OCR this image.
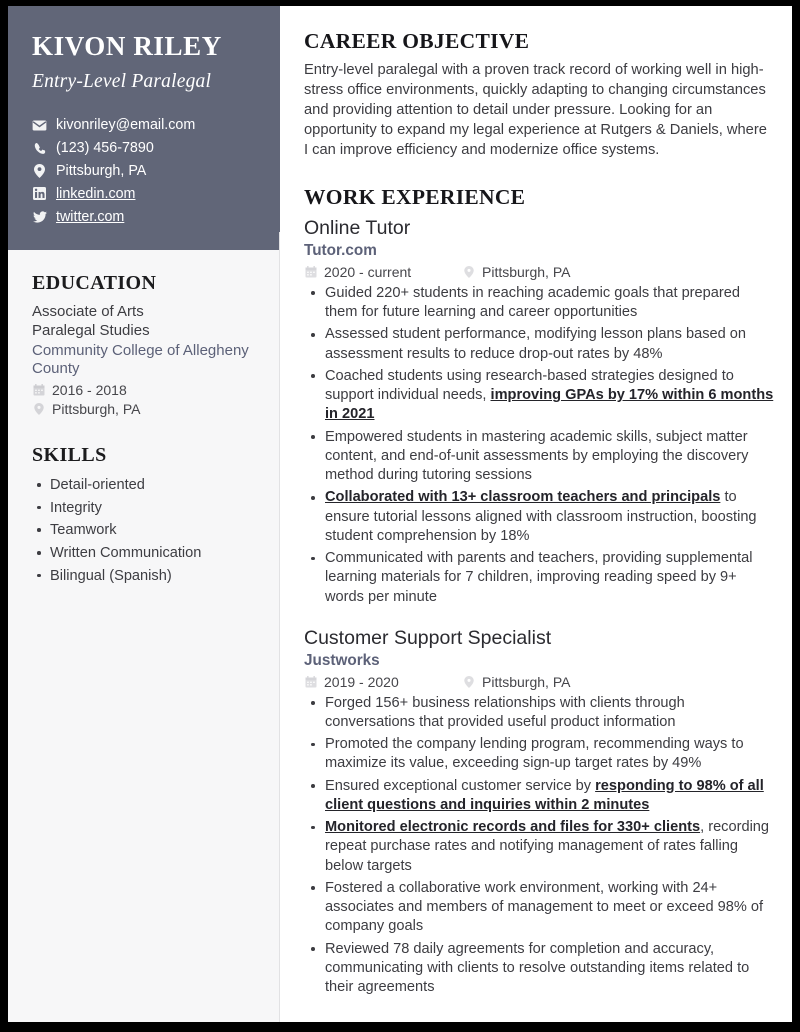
KIVON RILEY
Entry-Level Paralegal
kivonriley@email.com
(123) 456-7890
Pittsburgh, PA
linkedin.com
twitter.com
EDUCATION
Associate of Arts
Paralegal Studies
Community College of Allegheny County
2016 - 2018
Pittsburgh, PA
SKILLS
Detail-oriented
Integrity
Teamwork
Written Communication
Bilingual (Spanish)
CAREER OBJECTIVE

Entry-level paralegal with a proven track record of working well in high-stress office environments, quickly adapting to changing circumstances and providing attention to detail under pressure. Looking for an opportunity to expand my legal experience at Rutgers & Daniels, where I can improve efficiency and modernize office systems.

WORK EXPERIENCE
Online Tutor
Tutor.com
2020 - current	Pittsburgh, PA
Guided 220+ students in reaching academic goals that prepared them for future learning and career opportunities
Assessed student performance, modifying lesson plans based on assessment results to reduce drop-out rates by 48%
Coached students using research-based strategies designed to support individual needs, improving GPAs by 17% within 6 months in 2021
Empowered students in mastering academic skills, subject matter content, and end-of-unit assessments by employing the discovery method during tutoring sessions
Collaborated with 13+ classroom teachers and principals to ensure tutorial lessons aligned with classroom instruction, boosting student comprehension by 18%
Communicated with parents and teachers, providing supplemental learning materials for 7 children, improving reading speed by 9+ words per minute
Customer Support Specialist
Justworks
2019 - 2020	Pittsburgh, PA
Forged 156+ business relationships with clients through conversations that provided useful product information
Promoted the company lending program, recommending ways to maximize its value, exceeding sign-up target rates by 49%
Ensured exceptional customer service by responding to 98% of all client questions and inquiries within 2 minutes
Monitored electronic records and files for 330+ clients, recording repeat purchase rates and notifying management of rates falling below targets
Fostered a collaborative work environment, working with 24+ associates and members of management to meet or exceed 98% of company goals
Reviewed 78 daily agreements for completion and accuracy, communicating with clients to resolve outstanding items related to their agreements
